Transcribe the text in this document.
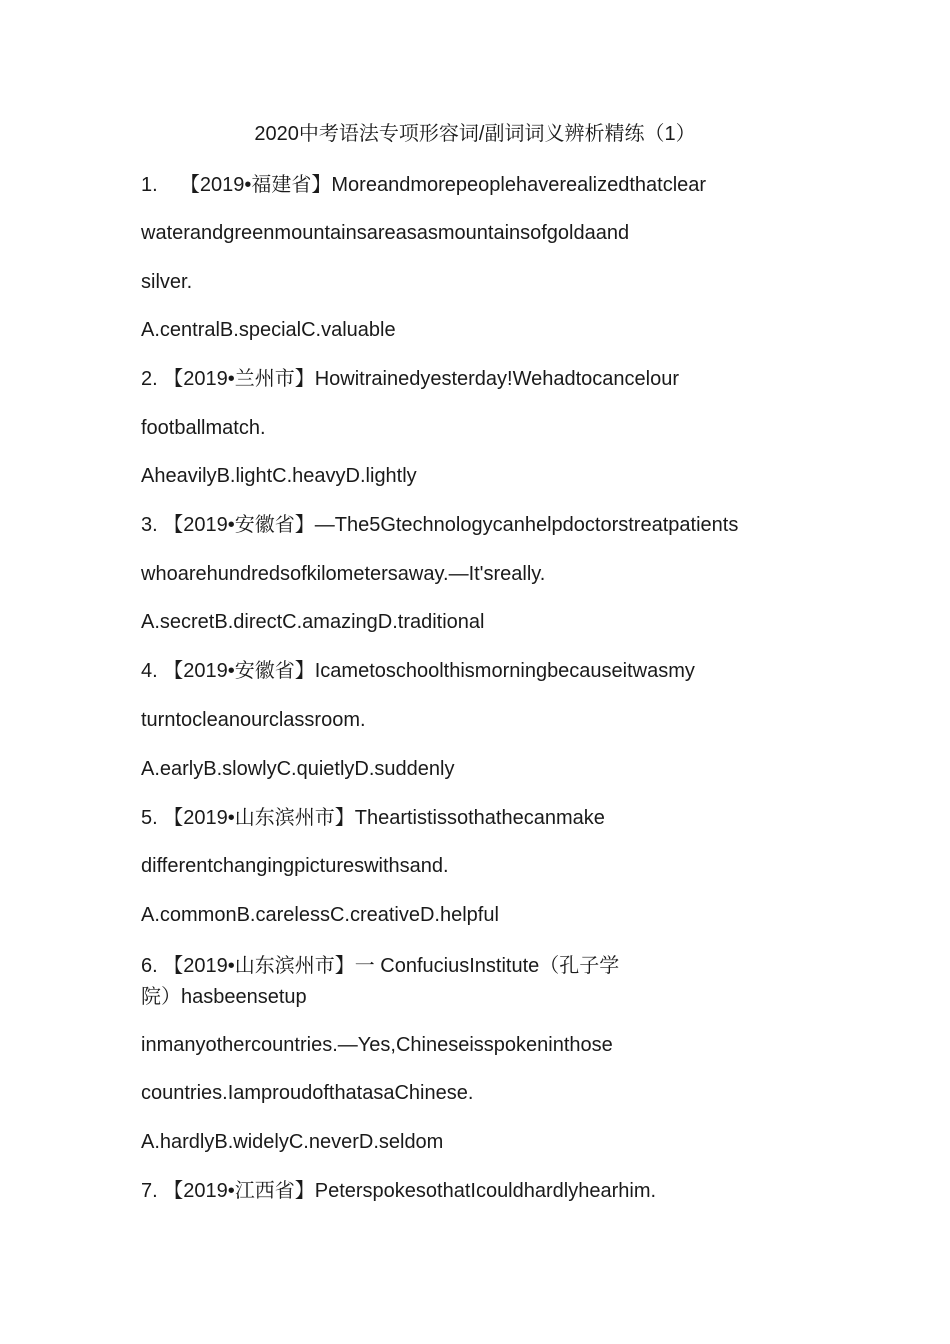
2020中考语法专项形容词/副词词义辨析精练（1）
1.    【2019•福建省】Moreandmorepeoplehaverealizedthatclear
waterandgreenmountainsareasasmountainsofgoldaand
silver.
A.centralB.specialC.valuable
2. 【2019•兰州市】Howitrainedyesterday!Wehadtocancelour
footballmatch.
AheavilyB.lightC.heavyD.lightly
3. 【2019•安徽省】—The5Gtechnologycanhelpdoctorstreatpatients
whoarehundredsofkilometersaway.—It'sreally.
A.secretB.directC.amazingD.traditional
4. 【2019•安徽省】Icametoschoolthismorningbecauseitwasmy
turntocleanourclassroom.
A.earlyB.slowlyC.quietlyD.suddenly
5. 【2019•山东滨州市】Theartistissothathecanmake
differentchangingpictureswithsand.
A.commonB.carelessC.creativeD.helpful
6. 【2019•山东滨州市】一 ConfuciusInstitute（孔子学
院）hasbeensetup
inmanyothercountries.—Yes,Chineseisspokeninthose
countries.IamproudofthatasaChinese.
A.hardlyB.widelyC.neverD.seldom
7. 【2019•江西省】PeterspokesothatIcouldhardlyhearhim.
